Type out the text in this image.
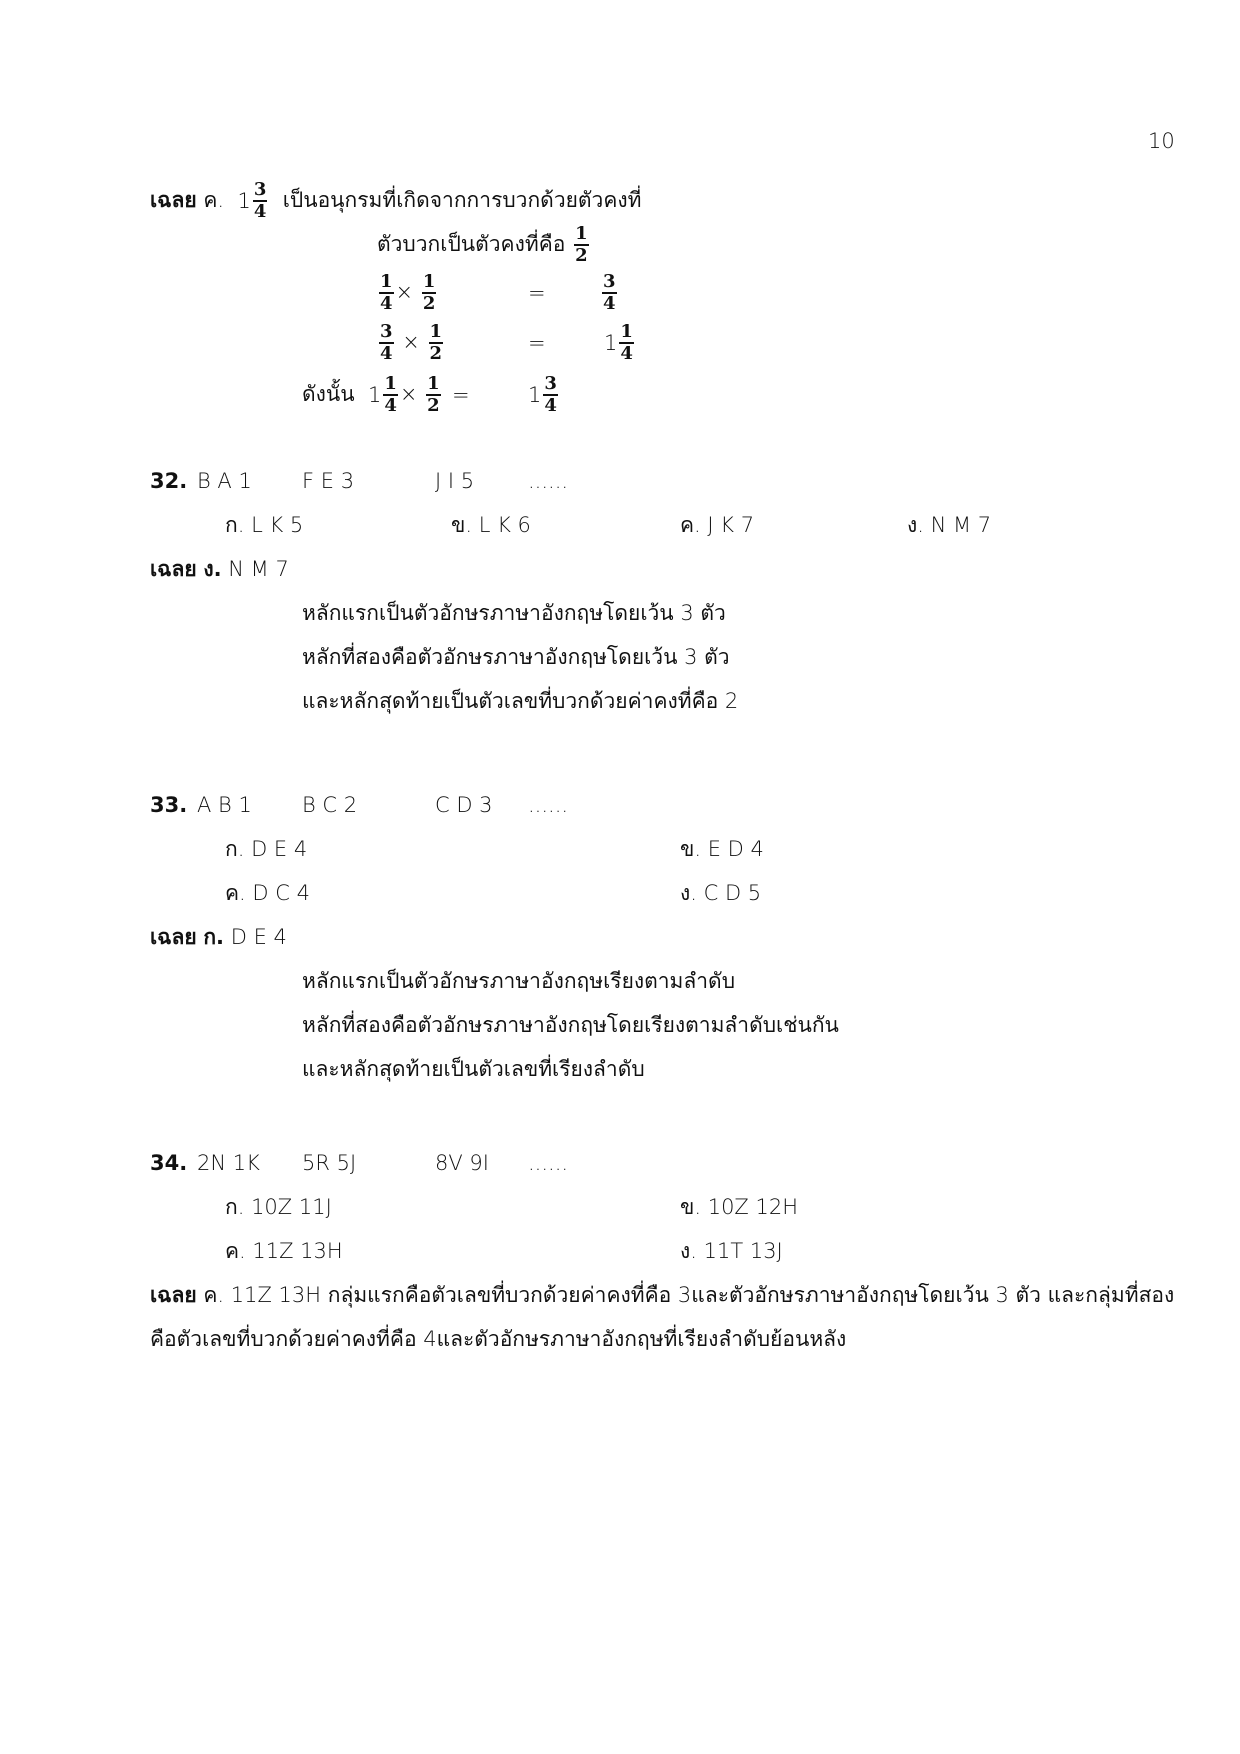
10
เฉลย ค. $1 \frac{3}{4}$ เป็นอนุกรมที่เกิดจากการบวกด้วยตัวคงที่
ตัวบวกเป็นตัวคงที่คือ $\frac{1}{2}$
$\frac{1}{4} \times \frac{1}{2}$	=	$\frac{3}{4}$
$\frac{3}{4} \times \frac{1}{2}$	=	$1 \frac{1}{4}$
ดังนั้น $1 \frac{1}{4} \times \frac{1}{2}$ =	$1 \frac{3}{4}$
32. B A 1 F E 3	J I 5	......
ก. L K 5	ข. L K 6	ค. J K 7	ง. N M 7
เฉลย ง. N M 7
หลักแรกเป็นตัวอักษรภาษาอังกฤษโดยเว้น 3 ตัว
หลักที่สองคือตัวอักษรภาษาอังกฤษโดยเว้น 3 ตัว
และหลักสุดท้ายเป็นตัวเลขที่บวกด้วยค่าคงที่คือ 2
33. A B 1 B C 2	C D 3 ......
ก. D E 4	ข. E D 4
ค. D C 4	ง. C D 5
เฉลย ก. D E 4
หลักแรกเป็นตัวอักษรภาษาอังกฤษเรียงตามลำดับ
หลักที่สองคือตัวอักษรภาษาอังกฤษโดยเรียงตามลำดับเช่นกัน
และหลักสุดท้ายเป็นตัวเลขที่เรียงลำดับ
34. 2N 1K 5R 5J	8V 9I ......
ก. 10Z 11J	ข. 10Z 12H
ค. 11Z 13H	ง. 11T 13J
เฉลย ค. 11Z 13H กลุ่มแรกคือตัวเลขที่บวกด้วยค่าคงที่คือ 3และตัวอักษรภาษาอังกฤษโดยเว้น 3 ตัว และกลุ่มที่สอง
คือตัวเลขที่บวกด้วยค่าคงที่คือ 4และตัวอักษรภาษาอังกฤษที่เรียงลำดับย้อนหลัง
